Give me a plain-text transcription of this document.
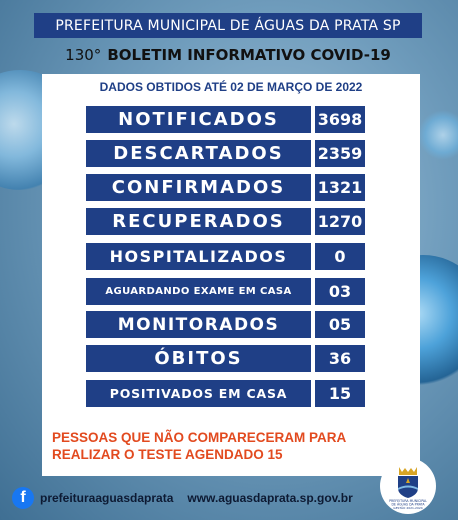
PREFEITURA MUNICIPAL DE ÁGUAS DA PRATA SP
130° BOLETIM INFORMATIVO COVID-19
DADOS OBTIDOS ATÉ 02 DE MARÇO DE 2022
NOTIFICADOS	3698
DESCARTADOS	2359
CONFIRMADOS	1321
RECUPERADOS	1270
HOSPITALIZADOS	0
AGUARDANDO EXAME EM CASA	03
MONITORADOS	05
ÓBITOS	36
POSITIVADOS EM CASA	15
PESSOAS QUE NÃO COMPARECERAM PARA
REALIZAR O TESTE AGENDADO 15
f	prefeituraaguasdaprata www.aguasdaprata.sp.gov.br	PREFEITURA MUNICIPAL
DE ÁGUAS DA PRATA
GESTÃO 2021-2024
